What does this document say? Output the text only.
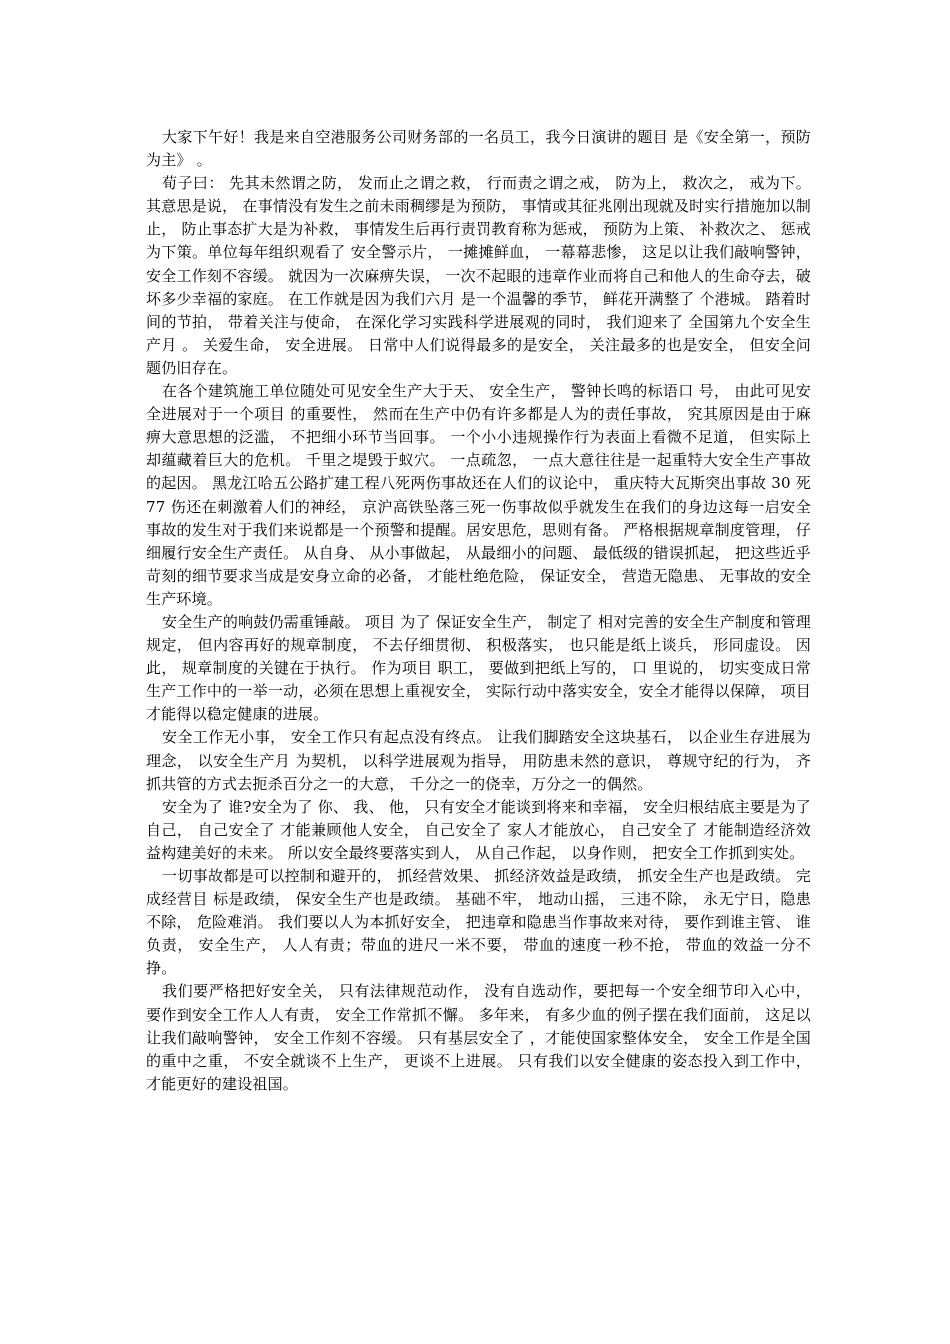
大家下午好！我是来自空港服务公司财务部的一名员工，我今日演讲的题目 是《安全第一，预防为主》 。

荀子曰： 先其未然谓之防， 发而止之谓之救， 行而责之谓之戒， 防为上， 救次之， 戒为下。 其意思是说， 在事情没有发生之前未雨稠缪是为预防， 事情或其征兆刚出现就及时实行措施加以制止， 防止事态扩大是为补救， 事情发生后再行责罚教育称为惩戒， 预防为上策、 补救次之、 惩戒为下策。单位每年组织观看了 安全警示片， 一摊摊鲜血， 一幕幕悲惨， 这足以让我们敲响警钟， 安全工作刻不容缓。 就因为一次麻痹失误， 一次不起眼的违章作业而将自己和他人的生命夺去，破坏多少幸福的家庭。 在工作就是因为我们六月 是一个温馨的季节， 鲜花开满整了 个港城。 踏着时间的节拍， 带着关注与使命， 在深化学习实践科学进展观的同时， 我们迎来了 全国第九个安全生产月 。 关爱生命， 安全进展。 日常中人们说得最多的是安全， 关注最多的也是安全， 但安全问题仍旧存在。

在各个建筑施工单位随处可见安全生产大于天、 安全生产， 警钟长鸣的标语口 号， 由此可见安全进展对于一个项目 的重要性， 然而在生产中仍有许多都是人为的责任事故， 究其原因是由于麻痹大意思想的泛滥， 不把细小环节当回事。 一个小小违规操作行为表面上看微不足道， 但实际上却蕴藏着巨大的危机。 千里之堤毁于蚁穴。 一点疏忽， 一点大意往往是一起重特大安全生产事故的起因。 黑龙江哈五公路扩建工程八死两伤事故还在人们的议论中， 重庆特大瓦斯突出事故 30 死 77 伤还在刺激着人们的神经， 京沪高铁坠落三死一伤事故似乎就发生在我们的身边这每一启安全事故的发生对于我们来说都是一个预警和提醒。居安思危，思则有备。 严格根据规章制度管理， 仔细履行安全生产责任。 从自身、 从小事做起， 从最细小的问题、 最低级的错误抓起， 把这些近乎苛刻的细节要求当成是安身立命的必备， 才能杜绝危险， 保证安全， 营造无隐患、 无事故的安全生产环境。

安全生产的响鼓仍需重锤敲。 项目 为了 保证安全生产， 制定了 相对完善的安全生产制度和管理规定， 但内容再好的规章制度， 不去仔细贯彻、 积极落实， 也只能是纸上谈兵， 形同虚设。 因此， 规章制度的关键在于执行。 作为项目 职工， 要做到把纸上写的， 口 里说的， 切实变成日常生产工作中的一举一动，必须在思想上重视安全， 实际行动中落实安全，安全才能得以保障， 项目 才能得以稳定健康的进展。

安全工作无小事， 安全工作只有起点没有终点。 让我们脚踏安全这块基石， 以企业生存进展为理念， 以安全生产月 为契机， 以科学进展观为指导， 用防患未然的意识， 尊规守纪的行为， 齐抓共管的方式去扼杀百分之一的大意， 千分之一的侥幸，万分之一的偶然。

安全为了 谁?安全为了 你、 我、 他， 只有安全才能谈到将来和幸福， 安全归根结底主要是为了 自己， 自己安全了 才能兼顾他人安全， 自己安全了 家人才能放心， 自己安全了 才能制造经济效益构建美好的未来。 所以安全最终要落实到人， 从自己作起， 以身作则， 把安全工作抓到实处。

一切事故都是可以控制和避开的， 抓经营效果、 抓经济效益是政绩， 抓安全生产也是政绩。 完成经营目 标是政绩， 保安全生产也是政绩。 基础不牢， 地动山摇， 三违不除， 永无宁日，隐患不除， 危险难消。 我们要以人为本抓好安全， 把违章和隐患当作事故来对待， 要作到谁主管、 谁负责， 安全生产， 人人有责；带血的进尺一米不要， 带血的速度一秒不抢， 带血的效益一分不挣。

我们要严格把好安全关， 只有法律规范动作， 没有自选动作，要把每一个安全细节印入心中， 要作到安全工作人人有责， 安全工作常抓不懈。 多年来， 有多少血的例子摆在我们面前， 这足以让我们敲响警钟， 安全工作刻不容缓。 只有基层安全了 ，才能使国家整体安全， 安全工作是全国的重中之重， 不安全就谈不上生产， 更谈不上进展。 只有我们以安全健康的姿态投入到工作中， 才能更好的建设祖国。
